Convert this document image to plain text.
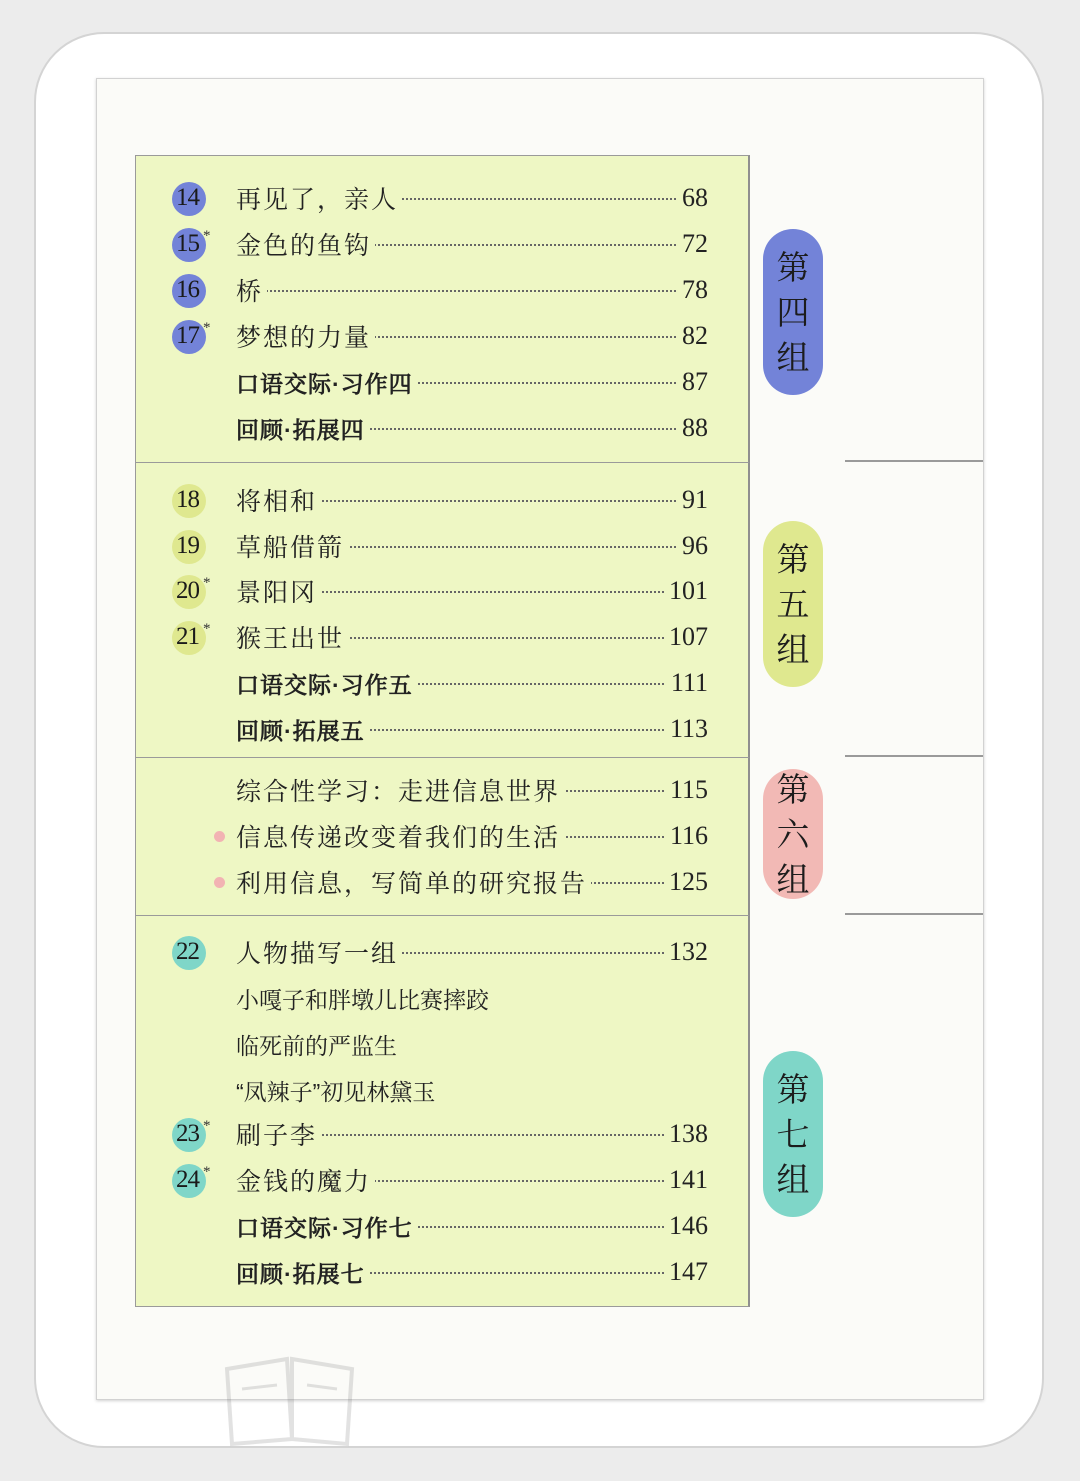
14	再见了，亲人	68
15 * 金色的鱼钩	72
16	桥	78
17 * 梦想的力量	82
口语交际·习作四	87
回顾·拓展四	88
18	将相和	91
19	草船借箭	96
20 * 景阳冈	101
21 * 猴王出世	107
口语交际·习作五	111
回顾·拓展五	113
综合性学习：走进信息世界	115
信息传递改变着我们的生活	116
利用信息，写简单的研究报告	125
22	人物描写一组	132
小嘎子和胖墩儿比赛摔跤
临死前的严监生
“凤辣子”初见林黛玉
23 * 刷子李	138
24 * 金钱的魔力	141
口语交际·习作七	146
回顾·拓展七	147
第
四
组
第
五
组
第
六
组
第
七
组
